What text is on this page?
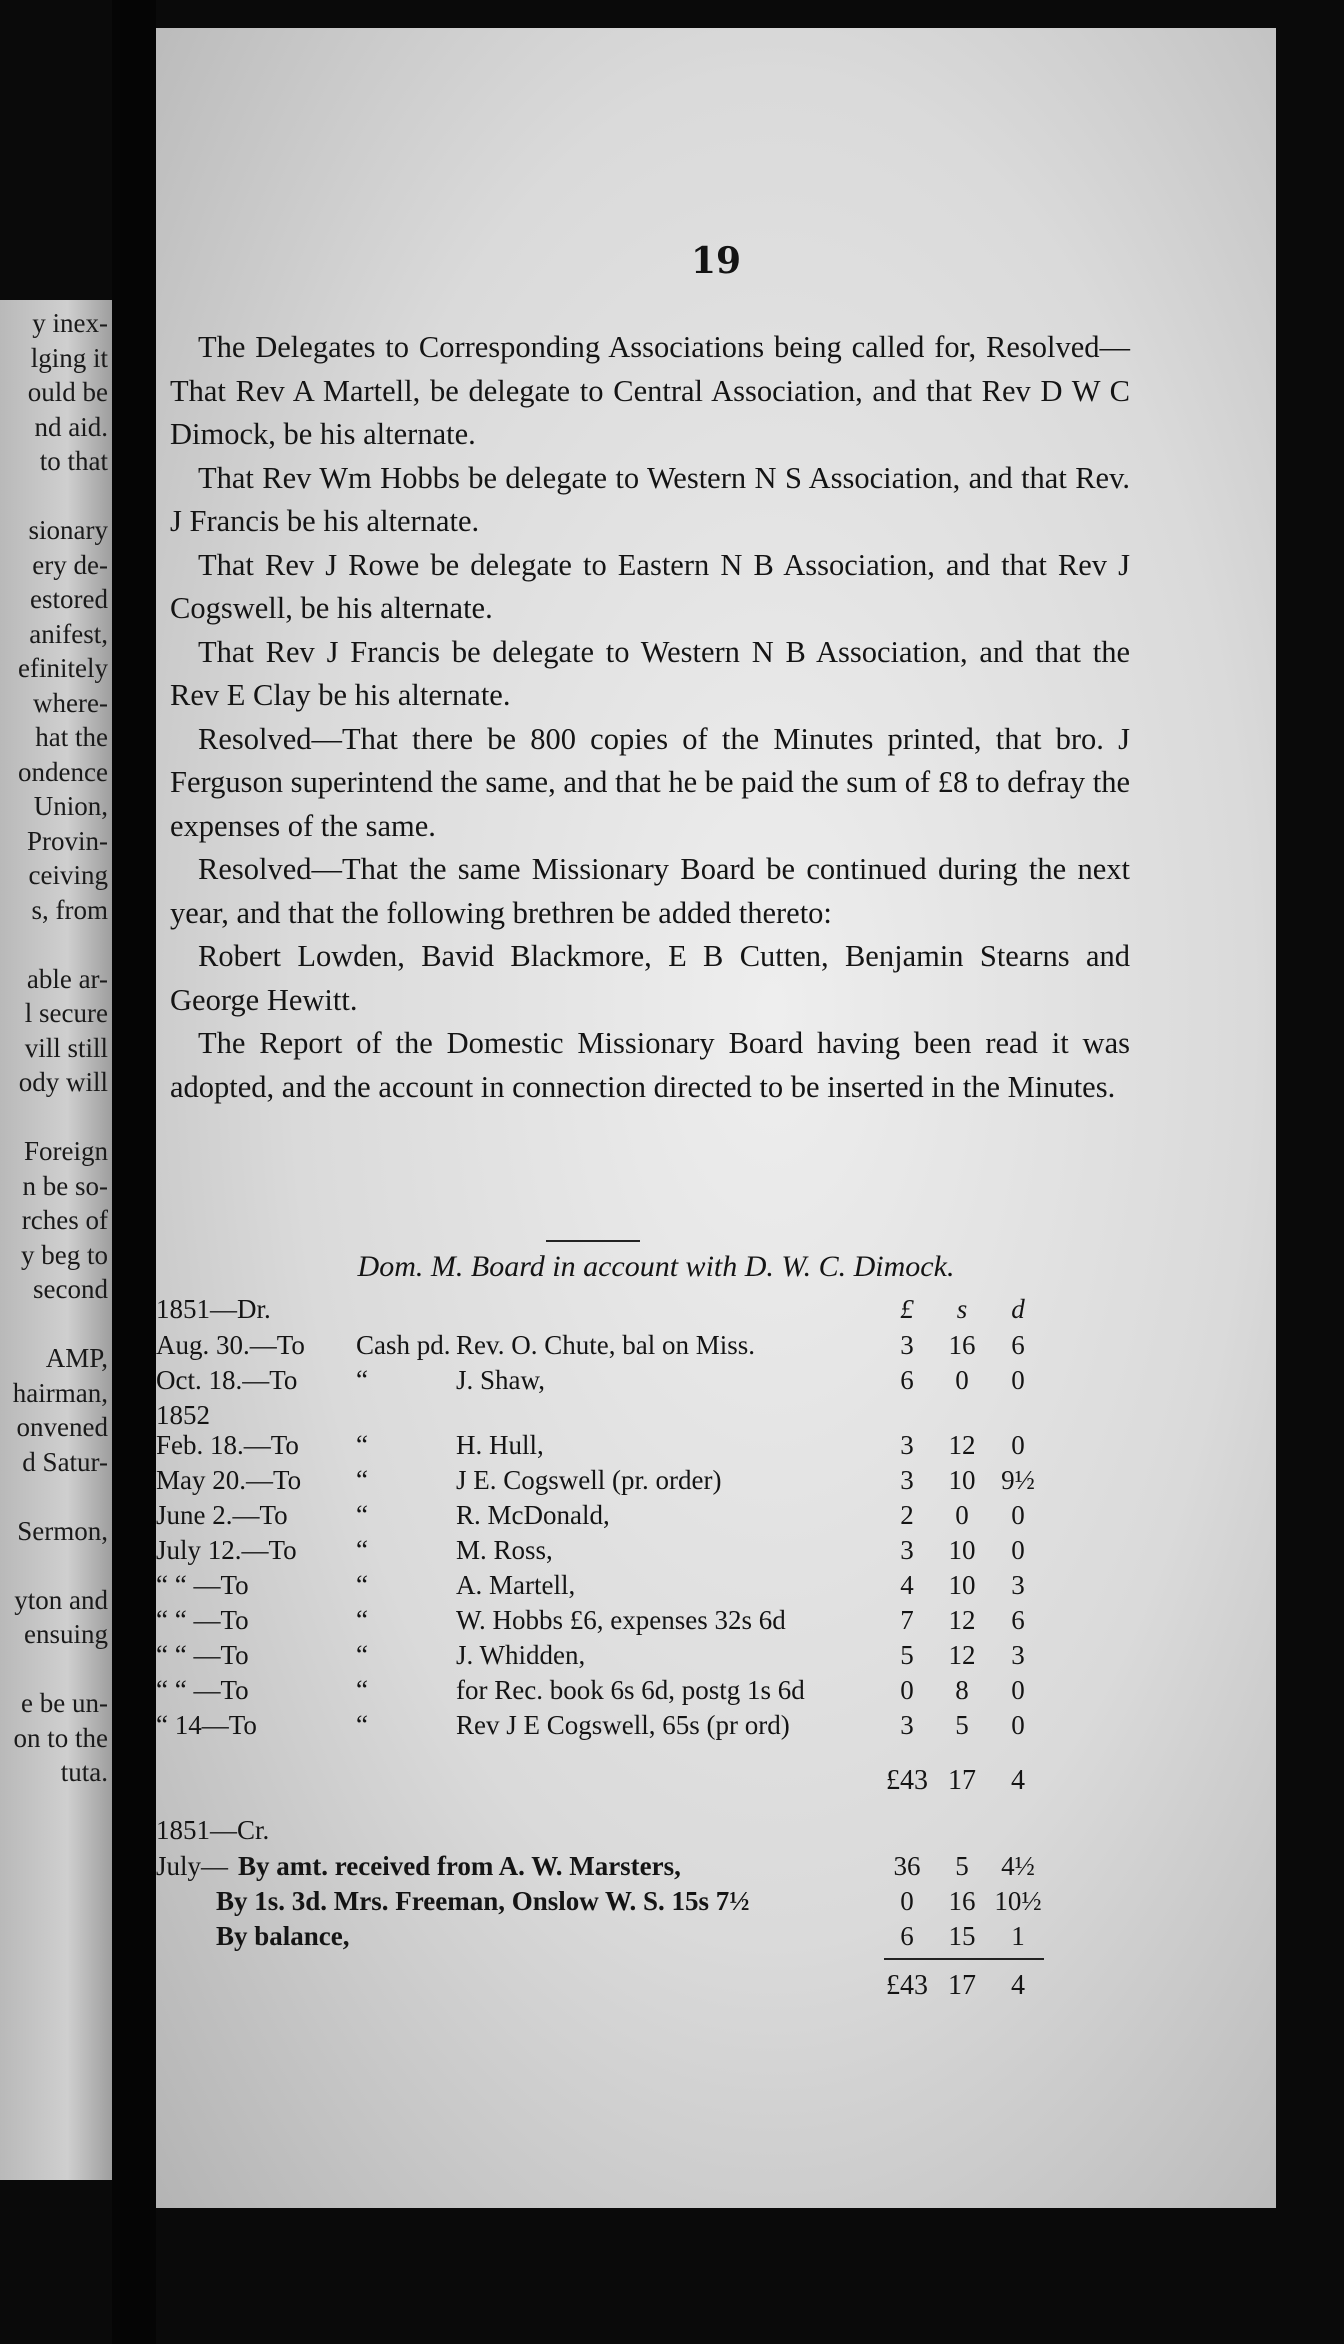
y inex-
lging it
ould be
nd aid.
to that
sionary
ery de-
estored
anifest,
efinitely
where-
hat the
ondence
Union,
Provin-
ceiving
s, from
able ar-
l secure
vill still
ody will
Foreign
n be so-
rches of
y beg to
second
AMP,
hairman,
onvened
d Satur-
Sermon,
yton and
ensuing
e be un-
on to the
tuta.
19

The Delegates to Corresponding Associations being called for, Resolved—That Rev A Martell, be delegate to Central Association, and that Rev D W C Dimock, be his alternate.

That Rev Wm Hobbs be delegate to Western N S Association, and that Rev. J Francis be his alternate.

That Rev J Rowe be delegate to Eastern N B Association, and that Rev J Cogswell, be his alternate.

That Rev J Francis be delegate to Western N B Association, and that the Rev E Clay be his alternate.

Resolved—That there be 800 copies of the Minutes printed, that bro. J Ferguson superintend the same, and that he be paid the sum of £8 to defray the expenses of the same.

Resolved—That the same Missionary Board be continued during the next year, and that the following brethren be added thereto:

Robert Lowden, Bavid Blackmore, E B Cutten, Benjamin Stearns and George Hewitt.

The Report of the Domestic Missionary Board having been read it was adopted, and the account in connection directed to be inserted in the Minutes.

Dom. M. Board in account with D. W. C. Dimock.
1851—Dr.	£	s	d
Aug. 30.—To Cash pd. Rev. O. Chute, bal on Miss.	3	16	6
Oct. 18.—To “	J. Shaw,	6	0	0
1852
Feb. 18.—To “	H. Hull,	3	12	0
May 20.—To “	J E. Cogswell (pr. order)	3	10 9½
June 2.—To	“	R. McDonald,	2	0	0
July 12.—To “	M. Ross,	3	10	0
“ “ —To	“	A. Martell,	4	10	3
“ “ —To	“	W. Hobbs £6, expenses 32s 6d	7	12	6
“ “ —To	“	J. Whidden,	5	12	3
“ “ —To	“	for Rec. book 6s 6d, postg 1s 6d	0	8	0
“ 14—To	“	Rev J E Cogswell, 65s (pr ord)	3	5	0
£43 17	4
1851—Cr.
July— By amt. received from A. W. Marsters,	36	5	4½
By 1s. 3d. Mrs. Freeman, Onslow W. S. 15s 7½	0	16 10½
By balance,	6	15	1
£43 17	4
